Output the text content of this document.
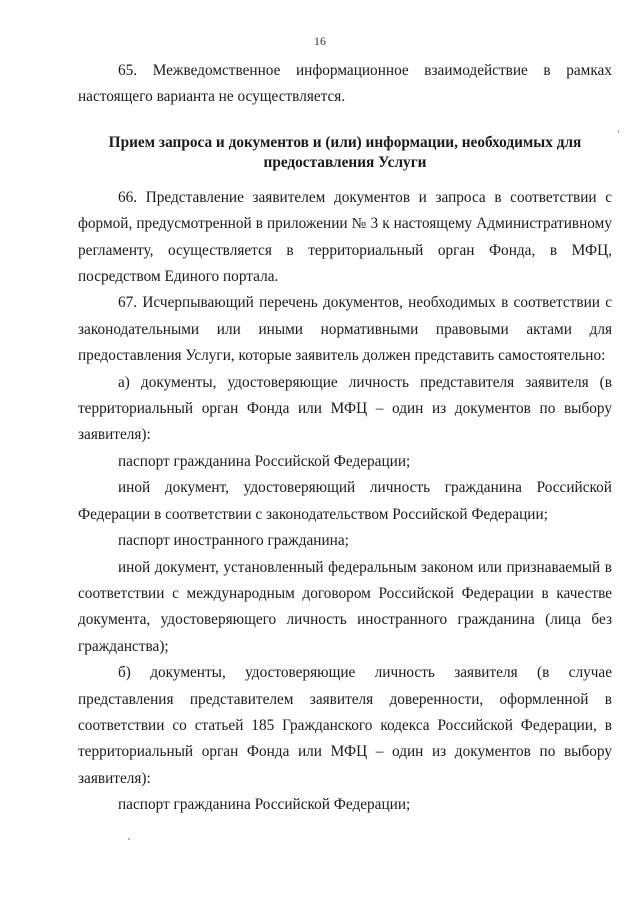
16

65. Межведомственное информационное взаимодействие в рамках настоящего варианта не осуществляется.

Прием запроса и документов и (или) информации, необходимых для предоставления Услуги

66. Представление заявителем документов и запроса в соответствии с формой, предусмотренной в приложении № 3 к настоящему Административному регламенту, осуществляется в территориальный орган Фонда, в МФЦ, посредством Единого портала.

67. Исчерпывающий перечень документов, необходимых в соответствии с законодательными или иными нормативными правовыми актами для предоставления Услуги, которые заявитель должен представить самостоятельно:

а) документы, удостоверяющие личность представителя заявителя (в территориальный орган Фонда или МФЦ – один из документов по выбору заявителя):

паспорт гражданина Российской Федерации;

иной документ, удостоверяющий личность гражданина Российской Федерации в соответствии с законодательством Российской Федерации;

паспорт иностранного гражданина;

иной документ, установленный федеральным законом или признаваемый в соответствии с международным договором Российской Федерации в качестве документа, удостоверяющего личность иностранного гражданина (лица без гражданства);

б) документы, удостоверяющие личность заявителя (в случае представления представителем заявителя доверенности, оформленной в соответствии со статьей 185 Гражданского кодекса Российской Федерации, в территориальный орган Фонда или МФЦ – один из документов по выбору заявителя):

паспорт гражданина Российской Федерации;
